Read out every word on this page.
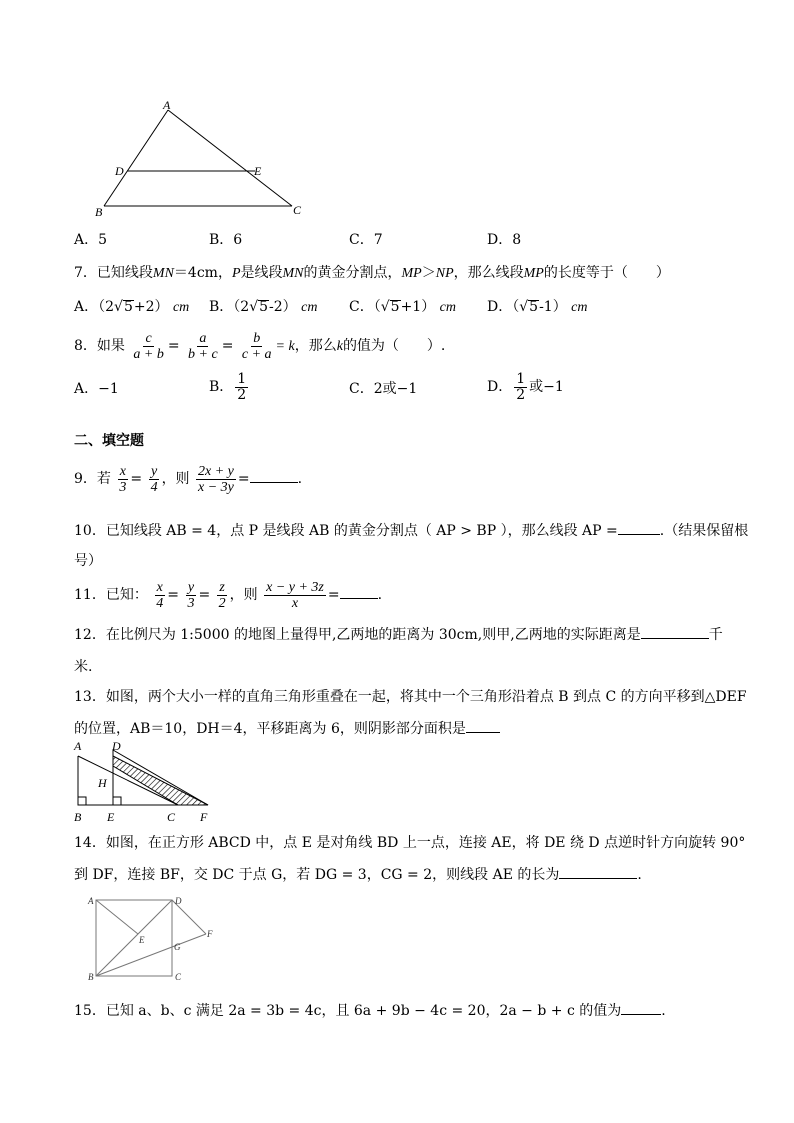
A
D	E
B	C
A．5	B．6	C．7	D．8
7．已知线段MN＝4cm，P是线段MN的黄金分割点，MP＞NP，那么线段MP的长度等于（　　）
A．（2√5+2） cm B．（2√5-2） cm C．（√5+1） cm D．（√5-1） cm
8．如果 $\frac{c}{a + b} = \frac{a}{b + c} = \frac{b}{c + a} = k$，那么k的值为（　　）.
A．−1	B． $\frac{1}{2}$	C．2或−1	D． $\frac{1}{2}$ 或−1
二、填空题
9．若 $\frac{x}{3} = \frac{y}{4}$ ，则 $\frac{2x + y}{x - 3y}$ =	.
10．已知线段 AB = 4，点 P 是线段 AB 的黄金分割点（ AP > BP ），那么线段 AP =	.（结果保留根
号）
11．已知： $\frac{x}{4} = \frac{y}{3} = \frac{z}{2}$ ，则 $\frac{x - y + 3z}{x}$ =	.
12．在比例尺为 1:5000 的地图上量得甲,乙两地的距离为 30cm,则甲,乙两地的实际距离是	千
米.
13．如图，两个大小一样的直角三角形重叠在一起，将其中一个三角形沿着点 B 到点 C 的方向平移到△DEF
的位置，AB＝10，DH＝4，平移距离为 6，则阴影部分面积是
A	D
H
B E	C F
14．如图，在正方形 ABCD 中，点 E 是对角线 BD 上一点，连接 AE，将 DE 绕 D 点逆时针方向旋转 90°
到 DF，连接 BF，交 DC 于点 G，若 DG = 3，CG = 2，则线段 AE 的长为	.
A	D
E
F
G
B	C
15．已知 a、b、c 满足 2a = 3b = 4c，且 6a + 9b − 4c = 20，2a − b + c 的值为	.
